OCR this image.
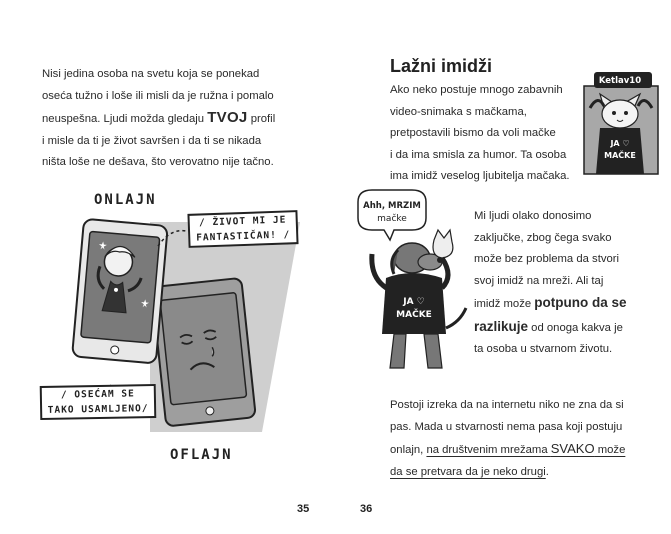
Nisi jedina osoba na svetu koja se ponekad
oseća tužno i loše ili misli da je ružna i pomalo
neuspešna. Ljudi možda gledaju TVOJ profil
i misle da ti je život savršen i da ti se nikada
ništa loše ne dešava, što verovatno nije tačno.
ONLAJN
OFLAJN
/ ŽIVOT MI JE
FANTASTIČAN! /
/ OSEĆAM SE
TAKO USAMLJENO/
35
Lažni imidži
Ako neko postuje mnogo zabavnih
video-snimaka s mačkama,
pretpostavili bismo da voli mačke
i da ima smisla za humor. Ta osoba
ima imidž veselog ljubitelja mačaka.
Ketlav10
JA ♡
MAČKE
Ahh, MRZIM
mačke
JA ♡
MAČKE
Mi ljudi olako donosimo
zaključke, zbog čega svako
može bez problema da stvori
svoj imidž na mreži. Ali taj
imidž može potpuno da se
razlikuje od onoga kakva je
ta osoba u stvarnom životu.
Postoji izreka da na internetu niko ne zna da si
pas. Mada u stvarnosti nema pasa koji postuju
onlajn, na društvenim mrežama SVAKO može
da se pretvara da je neko drugi.
36
